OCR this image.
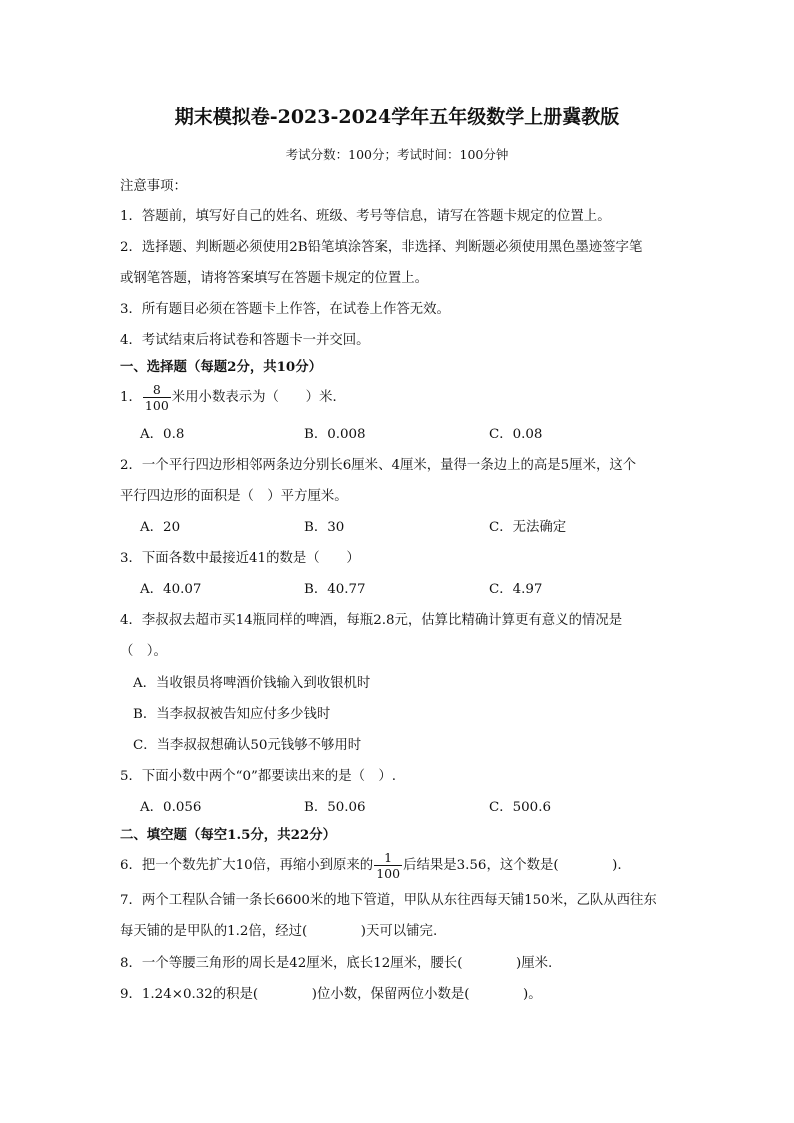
期末模拟卷-2023-2024学年五年级数学上册冀教版
考试分数：100分；考试时间：100分钟
注意事项：
1．答题前，填写好自己的姓名、班级、考号等信息，请写在答题卡规定的位置上。
2．选择题、判断题必须使用2B铅笔填涂答案，非选择、判断题必须使用黑色墨迹签字笔
或钢笔答题，请将答案填写在答题卡规定的位置上。
3．所有题目必须在答题卡上作答，在试卷上作答无效。
4．考试结束后将试卷和答题卡一并交回。
一、选择题（每题2分，共10分）
1． $\frac{8}{100}$ 米用小数表示为（　　）米．
A．0.8	B．0.008	C．0.08
2．一个平行四边形相邻两条边分别长6厘米、4厘米，量得一条边上的高是5厘米，这个
平行四边形的面积是（　）平方厘米。
A．20	B．30	C．无法确定
3．下面各数中最接近41的数是（　　）
A．40.07	B．40.77	C．4.97
4．李叔叔去超市买14瓶同样的啤酒，每瓶2.8元，估算比精确计算更有意义的情况是
（　）。
A．当收银员将啤酒价钱输入到收银机时
B．当李叔叔被告知应付多少钱时
C．当李叔叔想确认50元钱够不够用时
5．下面小数中两个“0”都要读出来的是（　）.
A．0.056	B．50.06	C．500.6
二、填空题（每空1.5分，共22分）
6．把一个数先扩大10倍，再缩小到原来的 $\frac{1}{100}$ 后结果是3.56，这个数是(　　　　).
7．两个工程队合铺一条长6600米的地下管道，甲队从东往西每天铺150米，乙队从西往东
每天铺的是甲队的1.2倍，经过(　　　　)天可以铺完.
8．一个等腰三角形的周长是42厘米，底长12厘米，腰长(　　　　)厘米.
9．1.24×0.32的积是(　　　　)位小数，保留两位小数是(　　　　)。
